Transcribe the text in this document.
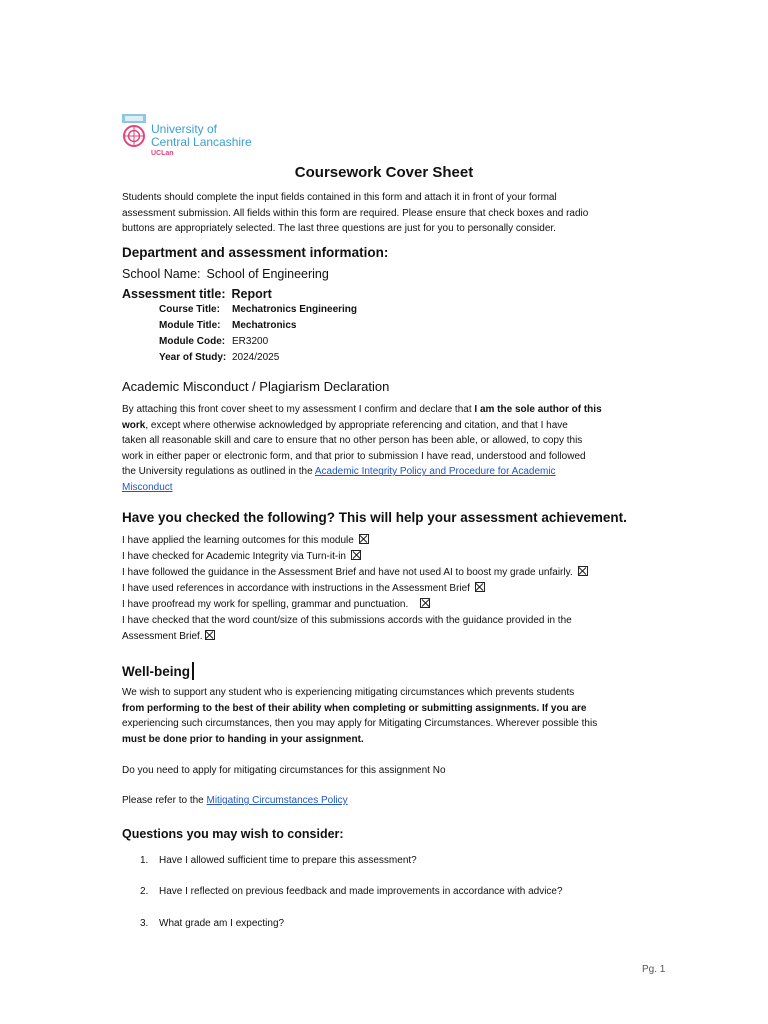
University of
Central Lancashire
UCLan
Coursework Cover Sheet
Students should complete the input fields contained in this form and attach it in front of your formal
assessment submission. All fields within this form are required. Please ensure that check boxes and radio
buttons are appropriately selected. The last three questions are just for you to personally consider.
Department and assessment information:
School Name: School of Engineering
Assessment title: Report
Course Title: Mechatronics Engineering
Module Title: Mechatronics
Module Code: ER3200
Year of Study: 2024/2025
Academic Misconduct / Plagiarism Declaration
By attaching this front cover sheet to my assessment I confirm and declare that I am the sole author of this
work, except where otherwise acknowledged by appropriate referencing and citation, and that I have
taken all reasonable skill and care to ensure that no other person has been able, or allowed, to copy this
work in either paper or electronic form, and that prior to submission I have read, understood and followed
the University regulations as outlined in the Academic Integrity Policy and Procedure for Academic
Misconduct
Have you checked the following? This will help your assessment achievement.
I have applied the learning outcomes for this module
I have checked for Academic Integrity via Turn-it-in
I have followed the guidance in the Assessment Brief and have not used AI to boost my grade unfairly.
I have used references in accordance with instructions in the Assessment Brief
I have proofread my work for spelling, grammar and punctuation.
I have checked that the word count/size of this submissions accords with the guidance provided in the
Assessment Brief.
Well-being
We wish to support any student who is experiencing mitigating circumstances which prevents students
from performing to the best of their ability when completing or submitting assignments. If you are
experiencing such circumstances, then you may apply for Mitigating Circumstances. Wherever possible this
must be done prior to handing in your assignment.
Do you need to apply for mitigating circumstances for this assignment No
Please refer to the Mitigating Circumstances Policy
Questions you may wish to consider:
1. Have I allowed sufficient time to prepare this assessment?
2. Have I reflected on previous feedback and made improvements in accordance with advice?
3. What grade am I expecting?
Pg. 1
